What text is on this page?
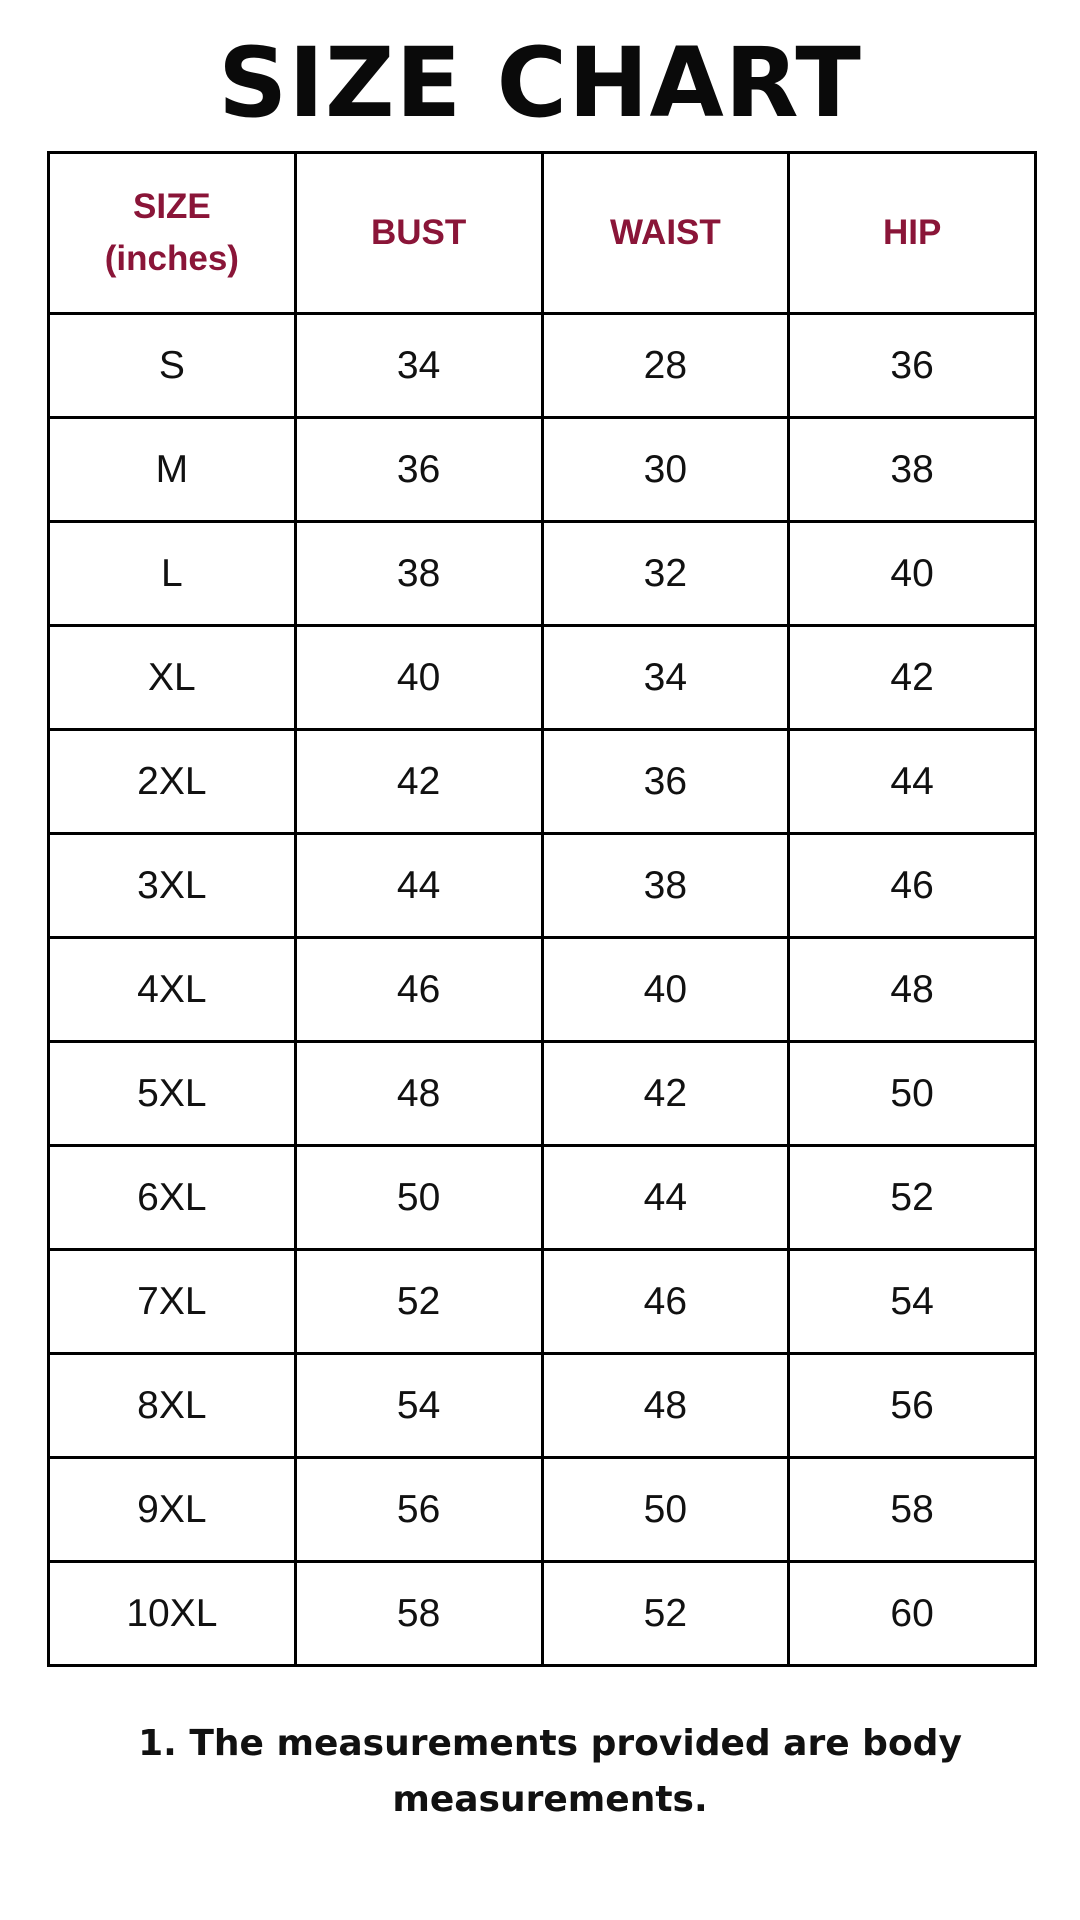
SIZE CHART
SIZE
(inches)	BUST	WAIST	HIP
S	34	28	36
M	36	30	38
L	38	32	40
XL	40	34	42
2XL	42	36	44
3XL	44	38	46
4XL	46	40	48
5XL	48	42	50
6XL	50	44	52
7XL	52	46	54
8XL	54	48	56
9XL	56	50	58
10XL	58	52	60
1. The measurements provided are body measurements.
